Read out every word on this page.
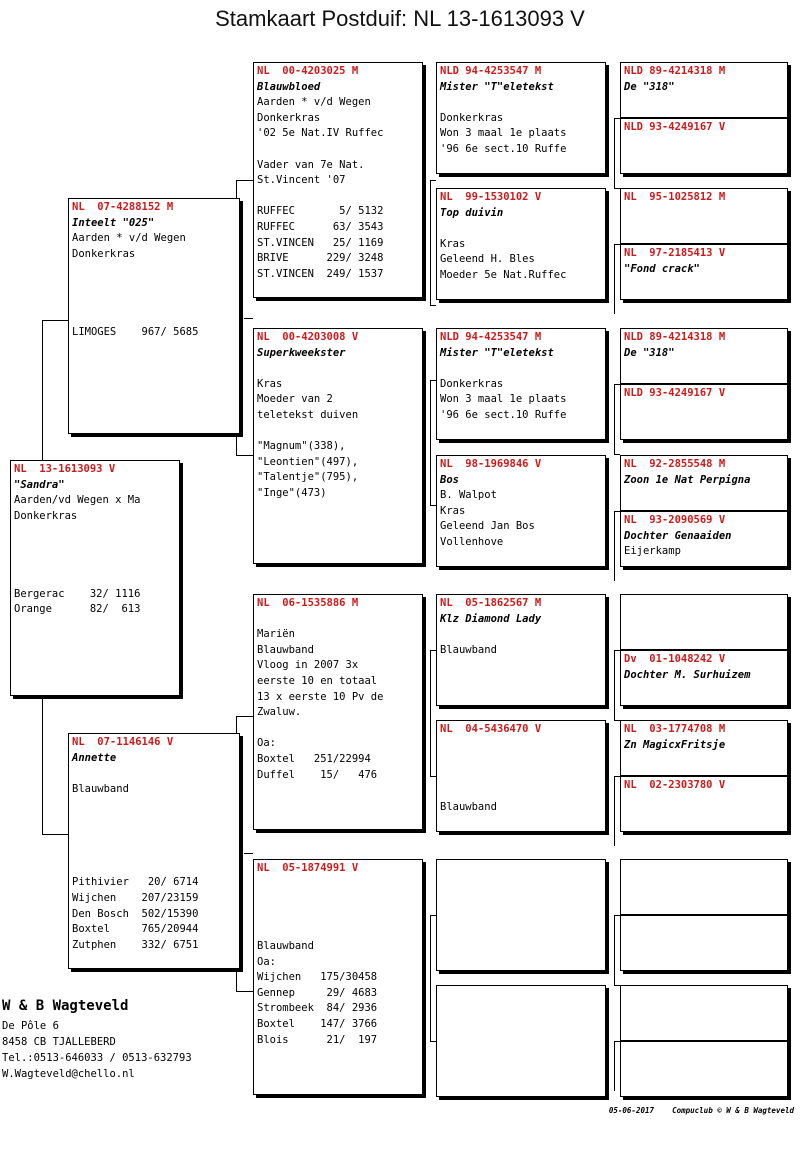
Stamkaart Postduif: NL 13-1613093 V
NL  13-1613093 V
"Sandra"
Aarden/vd Wegen x Ma
Donkerkras
Bergerac    32/ 1116
Orange      82/  613
NL  07-4288152 M
Inteelt "025"
Aarden * v/d Wegen
Donkerkras
LIMOGES    967/ 5685
NL  07-1146146 V
Annette
Blauwband
Pithivier   20/ 6714
Wijchen    207/23159
Den Bosch  502/15390
Boxtel     765/20944
Zutphen    332/ 6751
NL  00-4203025 M
Blauwbloed
Aarden * v/d Wegen
Donkerkras
'02 5e Nat.IV Ruffec
Vader van 7e Nat.
St.Vincent '07
RUFFEC       5/ 5132
RUFFEC      63/ 3543
ST.VINCEN   25/ 1169
BRIVE      229/ 3248
ST.VINCEN  249/ 1537
NL  00-4203008 V
Superkweekster
Kras
Moeder van 2
teletekst duiven
"Magnum"(338),
"Leontien"(497),
"Talentje"(795),
"Inge"(473)
NL  06-1535886 M
Mariën
Blauwband
Vloog in 2007 3x
eerste 10 en totaal
13 x eerste 10 Pv de
Zwaluw.
Oa:
Boxtel   251/22994
Duffel    15/   476
NL  05-1874991 V
Blauwband
Oa:
Wijchen   175/30458
Gennep     29/ 4683
Strombeek  84/ 2936
Boxtel    147/ 3766
Blois      21/  197
NLD 94-4253547 M
Mister "T"eletekst
Donkerkras
Won 3 maal 1e plaats
'96 6e sect.10 Ruffe
NL  99-1530102 V
Top duivin
Kras
Geleend H. Bles
Moeder 5e Nat.Ruffec
NLD 94-4253547 M
Mister "T"eletekst
Donkerkras
Won 3 maal 1e plaats
'96 6e sect.10 Ruffe
NL  98-1969846 V
Bos
B. Walpot
Kras
Geleend Jan Bos
Vollenhove
NL  05-1862567 M
Klz Diamond Lady
Blauwband
NL  04-5436470 V
Blauwband
NLD 89-4214318 M
De "318"
NLD 93-4249167 V
NL  95-1025812 M
NL  97-2185413 V
"Fond crack"
NLD 89-4214318 M
De "318"
NLD 93-4249167 V
NL  92-2855548 M
Zoon 1e Nat Perpigna
NL  93-2090569 V
Dochter Genaaiden
Eijerkamp
Dv  01-1048242 V
Dochter M. Surhuizem
NL  03-1774708 M
Zn MagicxFritsje
NL  02-2303780 V
W & B Wagteveld
De Pôle 6
8458 CB TJALLEBERD
Tel.:0513-646033 / 0513-632793
W.Wagteveld@chello.nl
05-06-2017 Compuclub © W & B Wagteveld
